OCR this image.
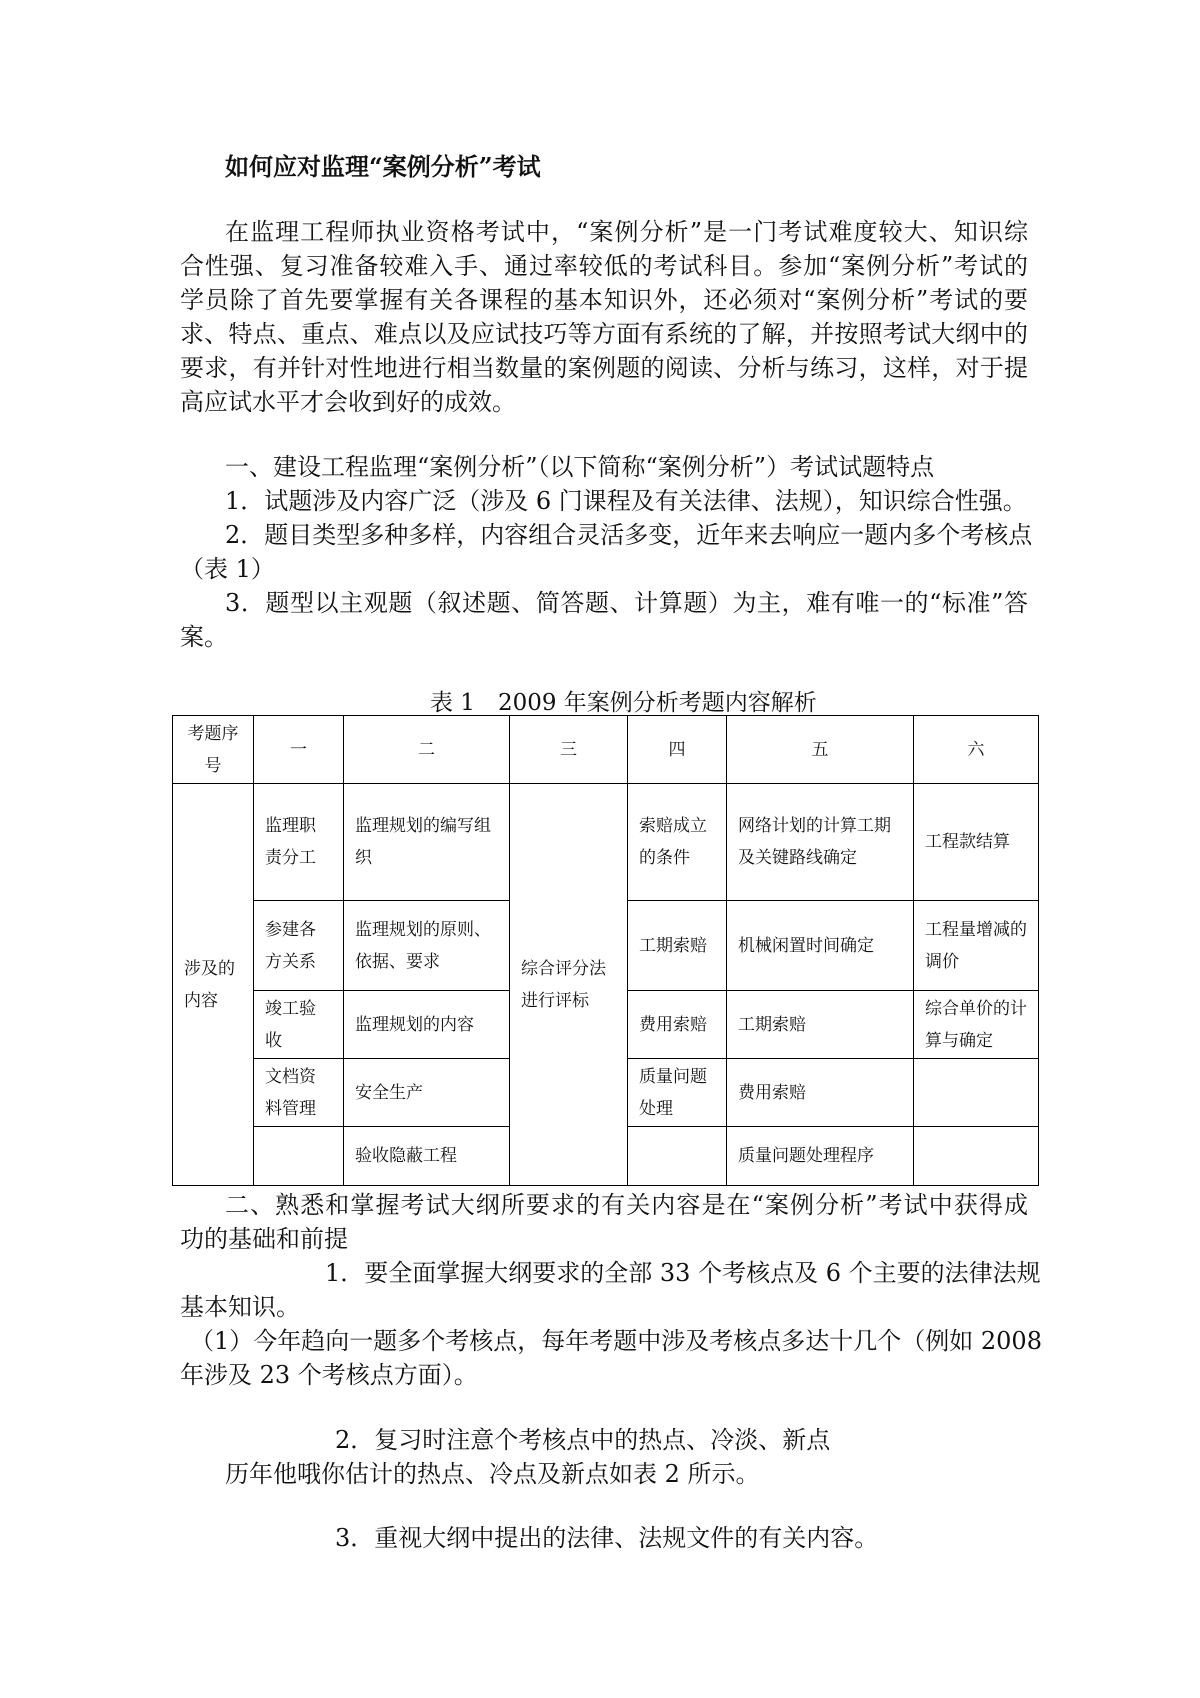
如何应对监理“案例分析”考试
在监理工程师执业资格考试中，“案例分析”是一门考试难度较大、知识综
合性强、复习准备较难入手、通过率较低的考试科目。参加“案例分析”考试的
学员除了首先要掌握有关各课程的基本知识外，还必须对“案例分析”考试的要
求、特点、重点、难点以及应试技巧等方面有系统的了解，并按照考试大纲中的
要求，有并针对性地进行相当数量的案例题的阅读、分析与练习，这样，对于提
高应试水平才会收到好的成效。
一、建设工程监理“案例分析”（以下简称“案例分析”）考试试题特点
1．试题涉及内容广泛（涉及 6 门课程及有关法律、法规），知识综合性强。
2．题目类型多种多样，内容组合灵活多变，近年来去响应一题内多个考核点
（表 1）
3．题型以主观题（叙述题、简答题、计算题）为主，难有唯一的“标准”答
案。
表 1　2009 年案例分析考题内容解析
考题序号	一	二	三	四	五	六
涉及的内容	监理职责分工	监理规划的编写组织	综合评分法进行评标	索赔成立的条件	网络计划的计算工期及关键路线确定	工程款结算
	参建各方关系	监理规划的原则、依据、要求		工期索赔	机械闲置时间确定	工程量增减的调价
	竣工验收	监理规划的内容		费用索赔	工期索赔	综合单价的计算与确定
	文档资料管理	安全生产		质量问题处理	费用索赔	
		验收隐蔽工程			质量问题处理程序	
二、熟悉和掌握考试大纲所要求的有关内容是在“案例分析”考试中获得成
功的基础和前提
1．要全面掌握大纲要求的全部 33 个考核点及 6 个主要的法律法规
基本知识。
（1）今年趋向一题多个考核点，每年考题中涉及考核点多达十几个（例如 2008
年涉及 23 个考核点方面）。
2．复习时注意个考核点中的热点、冷淡、新点
历年他哦你估计的热点、冷点及新点如表 2 所示。
3．重视大纲中提出的法律、法规文件的有关内容。
